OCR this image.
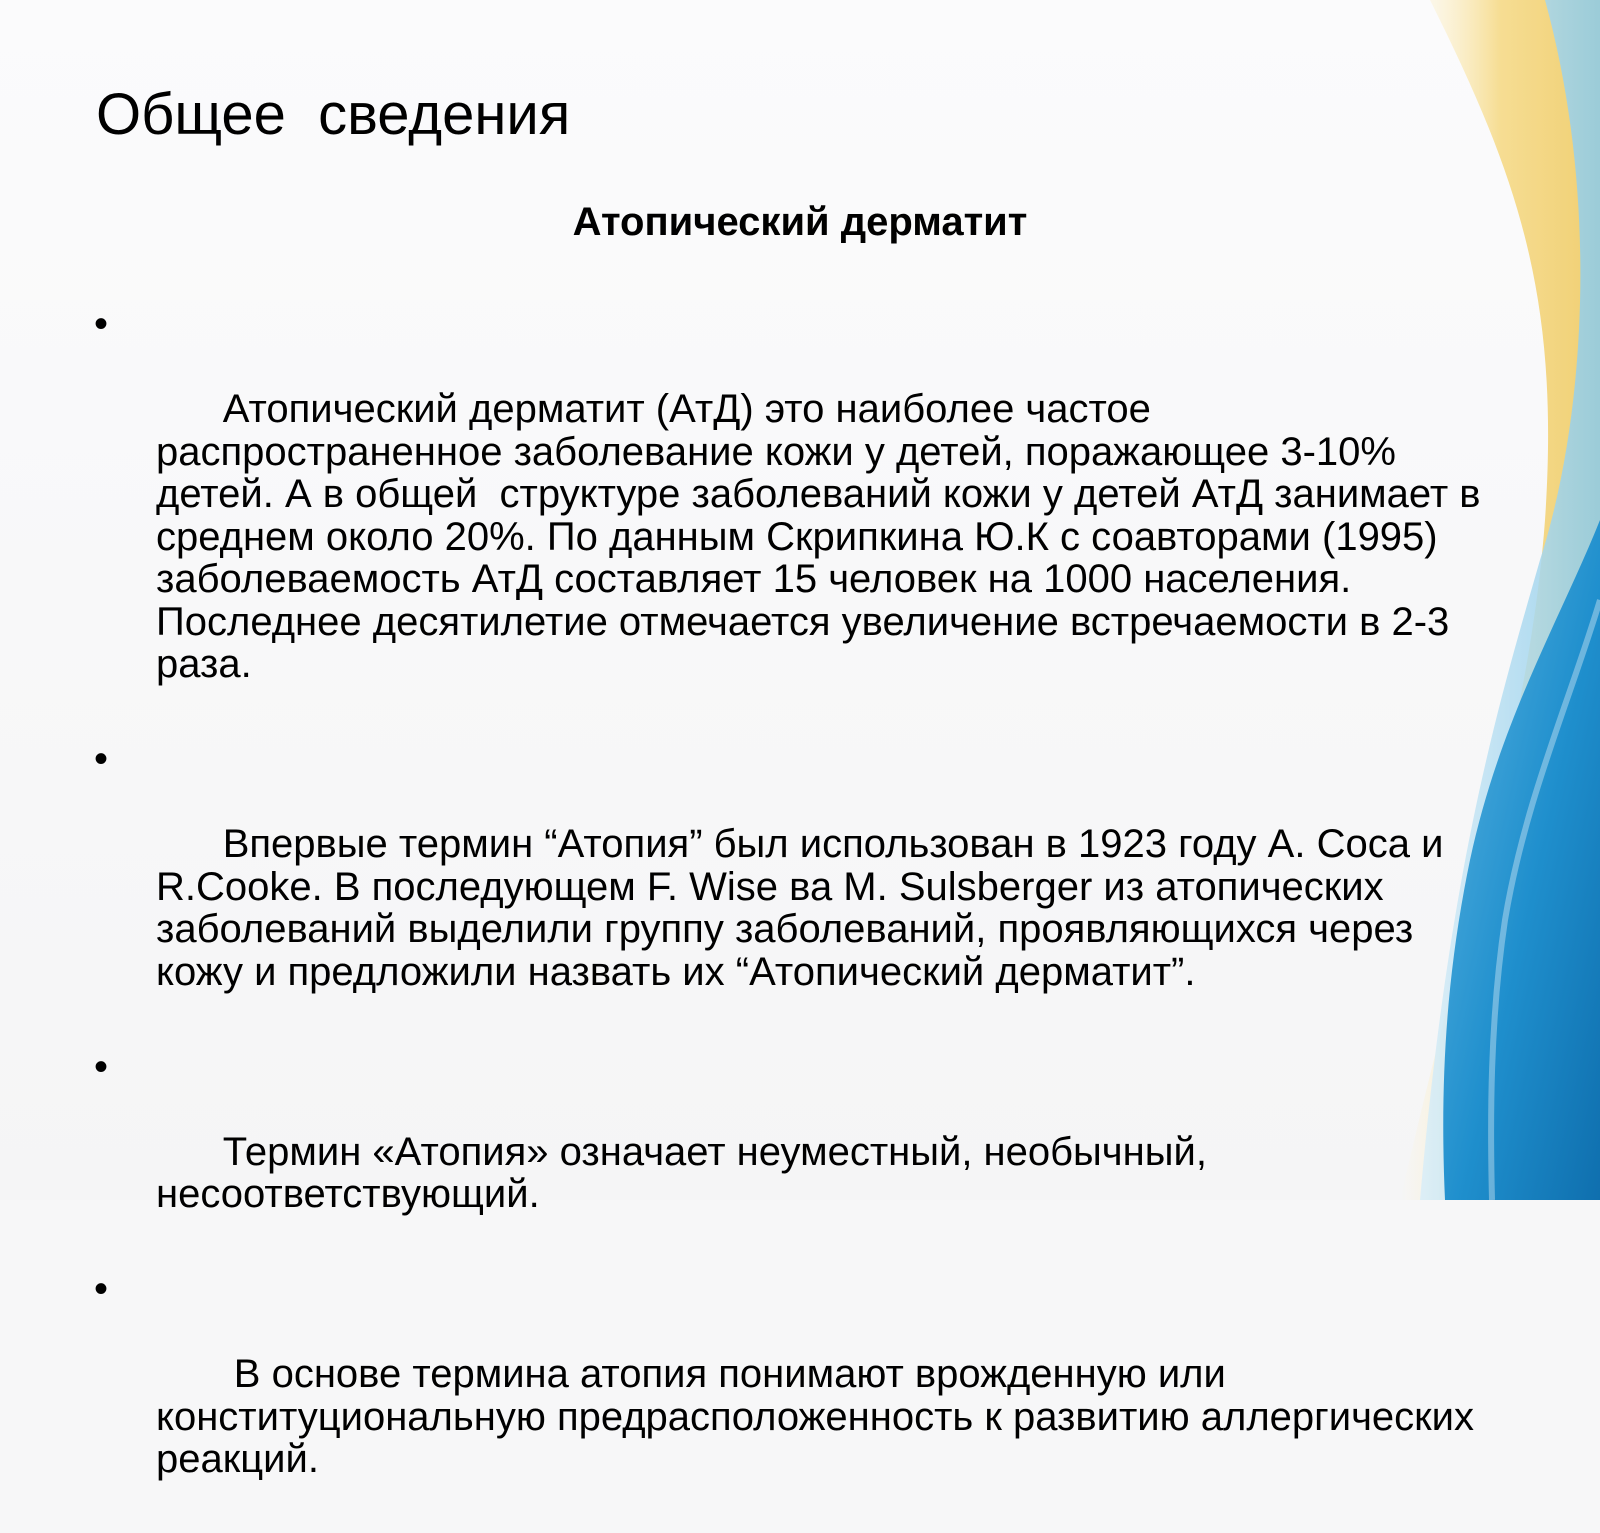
Общее  сведения
Атопический дерматит

•

Атопический дерматит (АтД) это наиболее частое распространенное заболевание кожи у детей, поражающее 3-10% детей. А в общей  структуре заболеваний кожи у детей АтД занимает в среднем около 20%. По данным Скрипкина Ю.К с соавторами (1995) заболеваемость АтД составляет 15 человек на 1000 населения. Последнее десятилетие отмечается увеличение встречаемости в 2-3 раза.

•

Впервые термин “Атопия” был использован в 1923 году A. Coca и R.Cooke. В последующем F. Wise ва M. Sulsberger из атопических заболеваний выделили группу заболеваний, проявляющихся через кожу и предложили назвать их “Атопический дерматит”.

•

Термин «Атопия» означает неуместный, необычный, несоответствующий.

•

В основе термина атопия понимают врожденную или конституциональную предрасположенность к развитию аллергических реакций.
